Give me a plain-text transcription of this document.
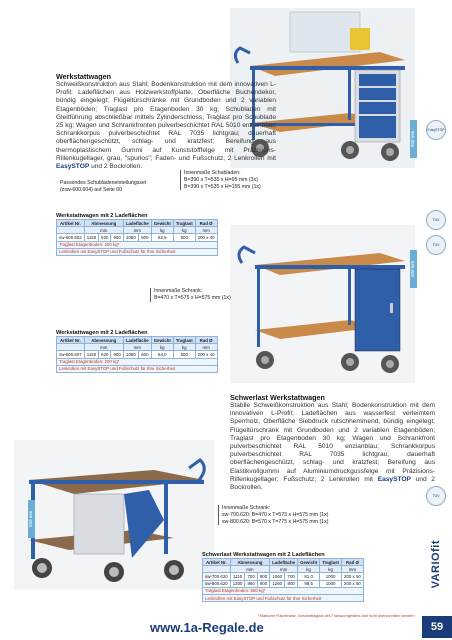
600 mm
Werkstattwagen

Schweißkonstruktion aus Stahl; Bodenkonstruktion mit dem innovativen L-Profil; Ladeflächen aus Holzwerkstoffplatte, Oberfläche Buchendekor, bündig eingelegt; Flügeltürschränke mit Grundboden und 2 variablen Etagenböden; Traglast pro Etagenboden 30 kg; Schubladen mit Gleitführung abschließbar mittels Zylinderschloss; Traglast pro Schublade 25 kg; Wagen und Schrankfronten pulverbeschichtet RAL 5010 enzianblau; Schrankkorpus pulverbeschichtet RAL 7035 lichtgrau; dauerhaft oberflächengeschützt, schlag- und kratzfest; Bereifung aus thermoplastischem Gummi auf Kunststofffelge mit Präzisions-Rillenkugellager, grau, "spurlos"; Faden- und Fußschutz; 2 Lenkrollen mit EasySTOP und 2 Bockrollen.

EasySTOP
Passendes Schubladeneinteilungsset
(zsw-600.604) auf Seite 60
Innenmaße Schubladen:
B=390 x T=535 x H=95 mm (3x)
B=390 x T=535 x H=155 mm (1x)
Werkstattwagen mit 2 Ladeflächen
Artikel Nr.	Abmessung			Ladefläche		Gewicht	Traglast	Rad Ø
	mm			mm		kg	kg	mm
sw-600.602	1150	620	900	1060	600	82,5	500	200 x 40
Traglast Etagenboden: 200 kg*								
Lenkrollen mit EasySTOP und Fußschutz für Ihre Sicherheit								
TÜV
600 mm
Innenmaße Schrank:
B=470 x T=575 x H=575 mm (1x)
Werkstattwagen mit 2 Ladeflächen
Artikel Nr.	Abmessung			Ladefläche		Gewicht	Traglast	Rad Ø
	mm			mm		kg	kg	mm
sw-600.607	1150	620	900	1060	600	84,0	500	200 x 40
Traglast Etagenboden: 200 kg*								
Lenkrollen mit EasySTOP und Fußschutz für Ihre Sicherheit								
TÜV
Schwerlast Werkstattwagen

Stabile Schweißkonstruktion aus Stahl; Bodenkonstruktion mit dem innovativen L-Profil; Ladeflächen aus wasserfest verleimtem Sperrholz, Oberfläche Siebdruck rutschhemmend, bündig eingelegt; Flügeltürschrank mit Grundboden und 2 variablen Etagenböden; Traglast pro Etagenboden 30 kg; Wagen und Schrankfront pulverbeschichtet RAL 5010 enzianblau; Schrankkorpus pulverbeschichtet RAL 7035 lichtgrau; dauerhaft oberflächengeschützt, schlag- und kratzfest; Bereifung aus Elastikvollgummi auf Aluminiumdruckgussfelge mit Präzisions-Rillenkugellager; Fußschutz; 2 Lenkrollen mit EasySTOP und 2 Bockrollen.

600 mm
Innenmaße Schrank:
sw-700.620: B=470 x T=575 x H=575 mm (1x)
sw-800.620: B=570 x T=775 x H=575 mm (1x)
Schwerlast Werkstattwagen mit 2 Ladeflächen
Artikel Nr.	Abmessung			Ladefläche		Gewicht	Traglast	Rad Ø
	mm			mm		kg	kg	mm
sw-700.620	1110	700	900	1060	700	81,0	1000	200 x 50
sw-800.620	1300	860	900	1260	800	98,5	1000	200 x 50
Traglast Etagenboden: 500 kg*								
Lenkrollen mit EasySTOP und Fußschutz für Ihre Sicherheit								
TÜV
VARIOfit
*Statische Flächenlast. Gesamttraglast des Transportgerätes darf nicht überschritten werden!
www.1a-Regale.de	59
